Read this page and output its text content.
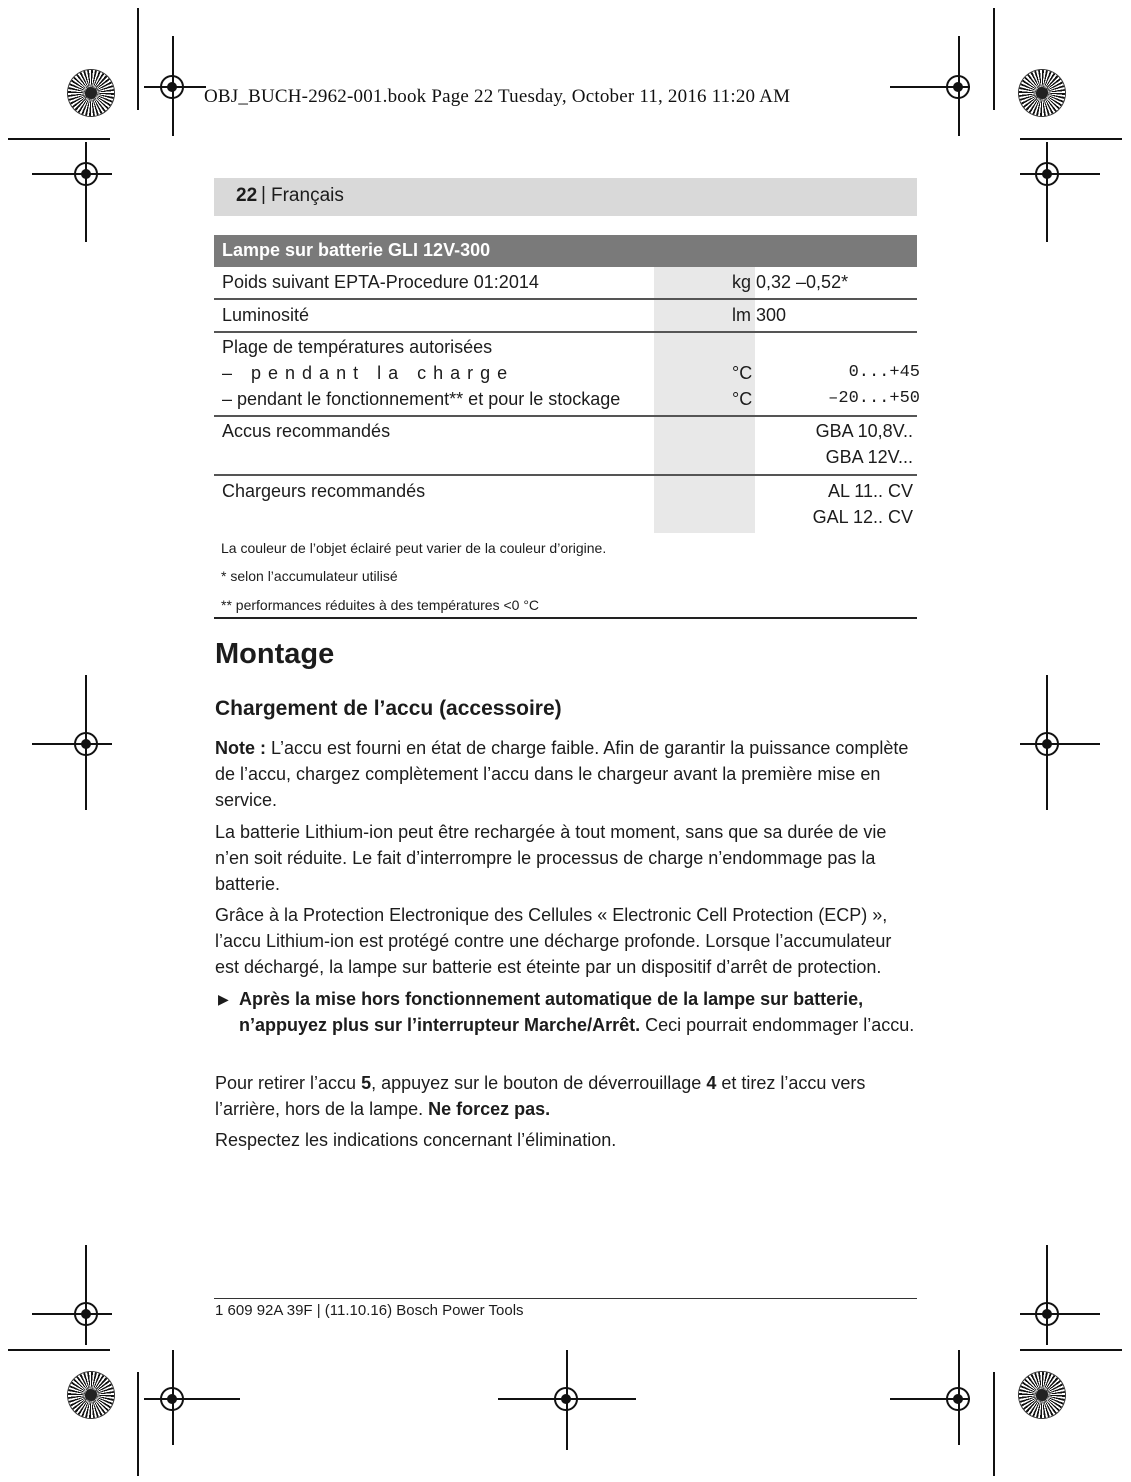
OBJ_BUCH-2962-001.book Page 22 Tuesday, October 11, 2016 11:20 AM
22 | Français
Lampe sur batterie GLI 12V-300
Poids suivant EPTA-Procedure 01:2014	kg 0,32 –0,52*
Luminosité	lm 300
Plage de températures autorisées
– pendant la charge	°C	0...+45
– pendant le fonctionnement** et pour le stockage	°C	–20...+50
Accus recommandés	GBA 10,8V..
GBA 12V...
Chargeurs recommandés	AL 11.. CV
GAL 12.. CV
La couleur de l’objet éclairé peut varier de la couleur d’origine.
* selon l’accumulateur utilisé
** performances réduites à des températures <0 °C
Montage
Chargement de l’accu (accessoire)

Note : L’accu est fourni en état de charge faible. Afin de garantir la puissance complète de l’accu, chargez complètement l’accu dans le chargeur avant la première mise en service.

La batterie Lithium-ion peut être rechargée à tout moment, sans que sa durée de vie n’en soit réduite. Le fait d’interrompre le processus de charge n’endommage pas la batterie.

Grâce à la Protection Electronique des Cellules « Electronic Cell Protection (ECP) », l’accu Lithium-ion est protégé contre une décharge profonde. Lorsque l’accumulateur est déchargé, la lampe sur batterie est éteinte par un dispositif d’arrêt de protection.

▶ Après la mise hors fonctionnement automatique de la lampe sur batterie, n’appuyez plus sur l’interrupteur Marche/Arrêt. Ceci pourrait endommager l’accu.

Pour retirer l’accu 5, appuyez sur le bouton de déverrouillage 4 et tirez l’accu vers l’arrière, hors de la lampe. Ne forcez pas.

Respectez les indications concernant l’élimination.

1 609 92A 39F | (11.10.16) Bosch Power Tools
